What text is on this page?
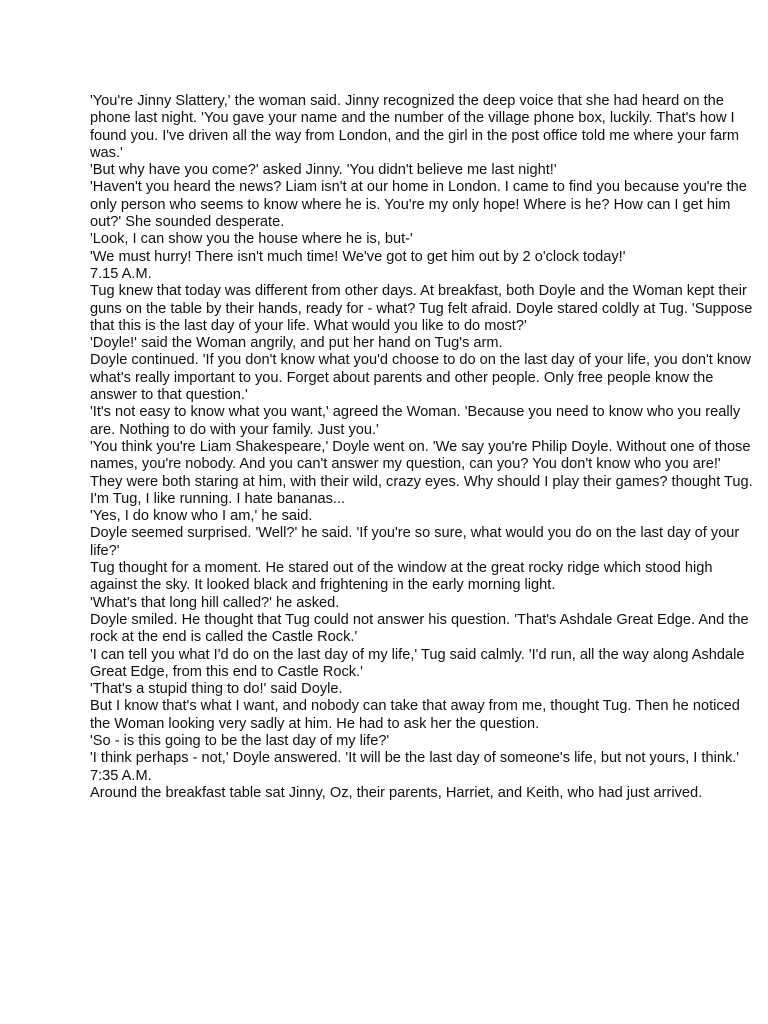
'You're Jinny Slattery,' the woman said. Jinny recognized the deep voice that she had heard on the phone last night. 'You gave your name and the number of the village phone box, luckily. That's how I found you. I've driven all the way from London, and the girl in the post office told me where your farm was.'

'But why have you come?' asked Jinny. 'You didn't believe me last night!'

'Haven't you heard the news? Liam isn't at our home in London. I came to find you because you're the only person who seems to know where he is. You're my only hope! Where is he? How can I get him out?' She sounded desperate.

'Look, I can show you the house where he is, but-'

'We must hurry! There isn't much time! We've got to get him out by 2 o'clock today!'

7.15 A.M.

Tug knew that today was different from other days. At breakfast, both Doyle and the Woman kept their guns on the table by their hands, ready for - what? Tug felt afraid. Doyle stared coldly at Tug. 'Suppose that this is the last day of your life. What would you like to do most?'

'Doyle!' said the Woman angrily, and put her hand on Tug's arm.

Doyle continued. 'If you don't know what you'd choose to do on the last day of your life, you don't know what's really important to you. Forget about parents and other people. Only free people know the answer to that question.'

'It's not easy to know what you want,' agreed the Woman. 'Because you need to know who you really are. Nothing to do with your family. Just you.'

'You think you're Liam Shakespeare,' Doyle went on. 'We say you're Philip Doyle. Without one of those names, you're nobody. And you can't answer my question, can you? You don't know who you are!'

They were both staring at him, with their wild, crazy eyes. Why should I play their games? thought Tug. I'm Tug, I like running. I hate bananas...

'Yes, I do know who I am,' he said.

Doyle seemed surprised. 'Well?' he said. 'If you're so sure, what would you do on the last day of your life?'

Tug thought for a moment. He stared out of the window at the great rocky ridge which stood high against the sky. It looked black and frightening in the early morning light.

'What's that long hill called?' he asked.

Doyle smiled. He thought that Tug could not answer his question. 'That's Ashdale Great Edge. And the rock at the end is called the Castle Rock.'

'I can tell you what I'd do on the last day of my life,' Tug said calmly. 'I'd run, all the way along Ashdale Great Edge, from this end to Castle Rock.'

'That's a stupid thing to do!' said Doyle.

But I know that's what I want, and nobody can take that away from me, thought Tug. Then he noticed the Woman looking very sadly at him. He had to ask her the question.

'So - is this going to be the last day of my life?'

'I think perhaps - not,' Doyle answered. 'It will be the last day of someone's life, but not yours, I think.'

7:35 A.M.

Around the breakfast table sat Jinny, Oz, their parents, Harriet, and Keith, who had just arrived.
